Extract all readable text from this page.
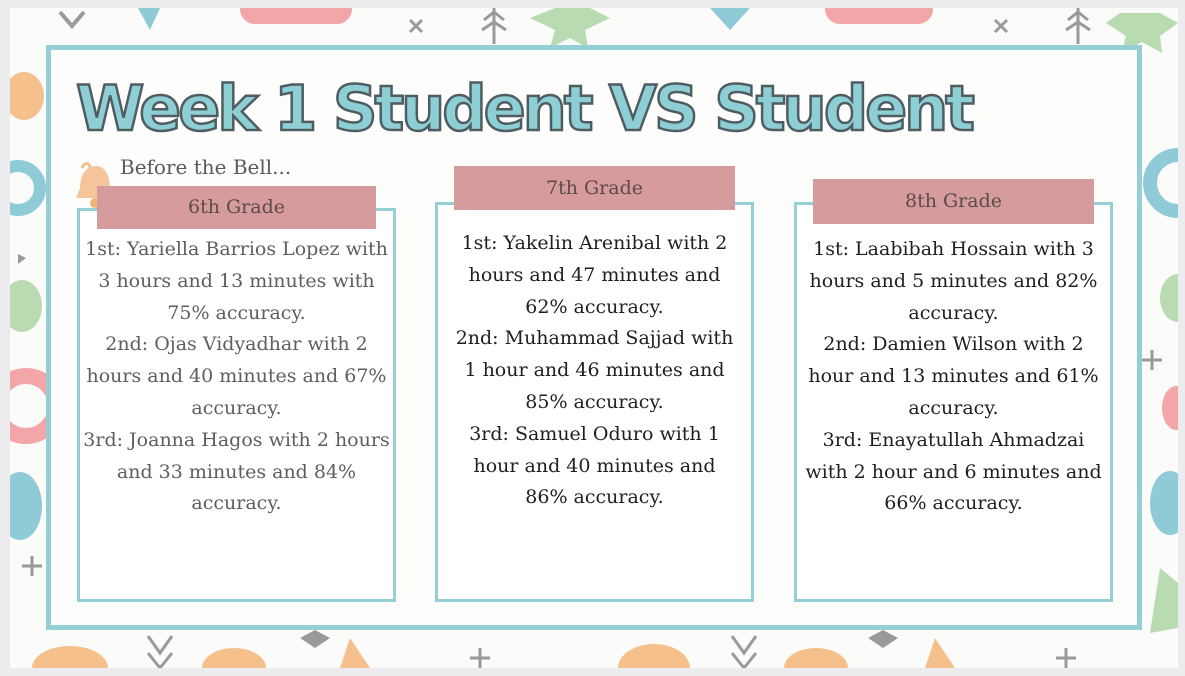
Week 1 Student VS Student
Before the Bell...
6th Grade

1st: Yariella Barrios Lopez with 3 hours and 13 minutes with 75% accuracy.

2nd: Ojas Vidyadhar with 2 hours and 40 minutes and 67% accuracy.

3rd: Joanna Hagos with 2 hours and 33 minutes and 84% accuracy.

7th Grade

1st: Yakelin Arenibal with 2 hours and 47 minutes and 62% accuracy.

2nd: Muhammad Sajjad with 1 hour and 46 minutes and 85% accuracy.

3rd: Samuel Oduro with 1 hour and 40 minutes and 86% accuracy.

8th Grade

1st: Laabibah Hossain with 3 hours and 5 minutes and 82% accuracy.

2nd: Damien Wilson with 2 hour and 13 minutes and 61% accuracy.

3rd: Enayatullah Ahmadzai with 2 hour and 6 minutes and 66% accuracy.
